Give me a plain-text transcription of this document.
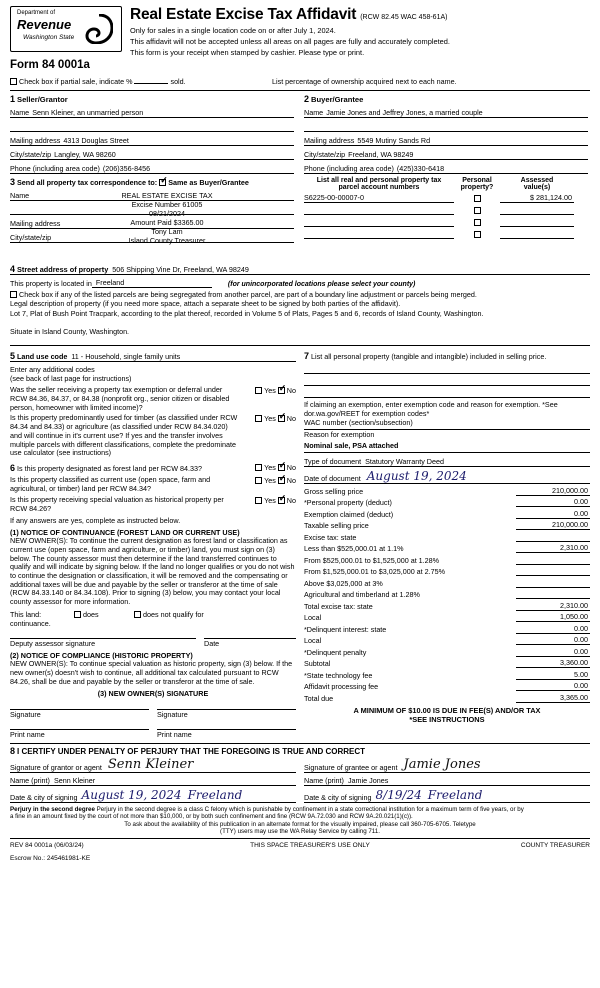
Department of
Revenue
Washington State
Real Estate Excise Tax Affidavit (RCW 82.45 WAC 458-61A)
Only for sales in a single location code on or after July 1, 2024.
This affidavit will not be accepted unless all areas on all pages are fully and accurately completed.
This form is your receipt when stamped by cashier. Please type or print.
Form 84 0001a
Check box if partial sale, indicate %	sold.	List percentage of ownership acquired next to each name.
1 Seller/Grantor
Name Senn Kleiner, an unmarried person
Mailing address 4313 Douglas Street
City/state/zip Langley, WA 98260
Phone (including area code) (206)356-8456
2 Buyer/Grantee
Name Jamie Jones and Jeffrey Jones, a married couple
Mailing address 5549 Mutiny Sands Rd
City/state/zip Freeland, WA 98249
Phone (including area code) (425)330-6418
3 Send all property tax correspondence to: ✓ Same as Buyer/Grantee
Name
Mailing address
City/state/zip
REAL ESTATE EXCISE TAX
Excise Number 61005
08/21/2024
Amount Paid $3365.00
Tony Lam
Island County Treasurer
List all real and personal property tax
parcel account numbers
Personal
property?
Assessed
value(s)
S6225-00-00007-0	$ 281,124.00
4 Street address of property 506 Shipping Vine Dr, Freeland, WA 98249
This property is located in Freeland	(for unincorporated locations please select your county)
Check box if any of the listed parcels are being segregated from another parcel, are part of a boundary line adjustment or parcels being merged.
Legal description of property (if you need more space, attach a separate sheet to be signed by both parties of the affidavit).
Lot 7, Plat of Bush Point Tracpark, according to the plat thereof, recorded in Volume 5 of Plats, Pages 5 and 6, records of Island County, Washington.
Situate in Island County, Washington.
5 Land use code 11 - Household, single family units
Enter any additional codes
(see back of last page for instructions)
Was the seller receiving a property tax exemption or deferral under RCW 84.36, 84.37, or 84.38 (nonprofit org., senior citizen or disabled person, homeowner with limited income)?
Yes ✓ No
Is this property predominantly used for timber (as classified under RCW 84.34 and 84.33) or agriculture (as classified under RCW 84.34.020) and will continue in it's current use? If yes and the transfer involves multiple parcels with different classifications, complete the predominate use calculator (see instructions)
Yes ✓ No
6 Is this property designated as forest land per RCW 84.33?	Yes ✓ No
Is this property classified as current use (open space, farm and agricultural, or timber) land per RCW 84.34?
Yes ✓ No
Is this property receiving special valuation as historical property per RCW 84.26?
Yes ✓ No
If any answers are yes, complete as instructed below.
(1) NOTICE OF CONTINUANCE (FOREST LAND OR CURRENT USE)
NEW OWNER(S): To continue the current designation as forest land or classification as current use (open space, farm and agriculture, or timber) land, you must sign on (3) below. The county assessor must then determine if the land transferred continues to qualify and will indicate by signing below. If the land no longer qualifies or you do not wish to continue the designation or classification, it will be removed and the compensating or additional taxes will be due and payable by the seller or transferor at the time of sale (RCW 84.33.140 or 84.34.108). Prior to signing (3) below, you may contact your local county assessor for more information.
This land:
continuance.
does	does not qualify for
Deputy assessor signature	Date
(2) NOTICE OF COMPLIANCE (HISTORIC PROPERTY)
NEW OWNER(S): To continue special valuation as historic property, sign (3) below. If the new owner(s) doesn't wish to continue, all additional tax calculated pursuant to RCW 84.26, shall be due and payable by the seller or transferor at the time of sale.
(3) NEW OWNER(S) SIGNATURE
Signature	Signature
Print name	Print name
7 List all personal property (tangible and intangible) included in selling price.
If claiming an exemption, enter exemption code and reason for exemption. *See dor.wa.gov/REET for exemption codes*
WAC number (section/subsection)
Reason for exemption
Nominal sale, PSA attached
Type of document Statutory Warranty Deed
Date of document August 19, 2024
Gross selling price	210,000.00
*Personal property (deduct)	0.00
Exemption claimed (deduct)	0.00
Taxable selling price	210,000.00
Excise tax: state
Less than $525,000.01 at 1.1%	2,310.00
From $525,000.01 to $1,525,000 at 1.28%
From $1,525,000.01 to $3,025,000 at 2.75%
Above $3,025,000 at 3%
Agricultural and timberland at 1.28%
Total excise tax: state	2,310.00
Local	1,050.00
*Delinquent interest: state	0.00
Local	0.00
*Delinquent penalty	0.00
Subtotal	3,360.00
*State technology fee	5.00
Affidavit processing fee	0.00
Total due	3,365.00
A MINIMUM OF $10.00 IS DUE IN FEE(S) AND/OR TAX
*SEE INSTRUCTIONS
8 I CERTIFY UNDER PENALTY OF PERJURY THAT THE FOREGOING IS TRUE AND CORRECT
Signature of grantor or agent Senn Kleiner
Name (print) Senn Kleiner
Date & city of signing August 19, 2024 Freeland
Signature of grantee or agent Jamie Jones
Name (print) Jamie Jones
Date & city of signing 8/19/24 Freeland
Perjury in the second degree Perjury in the second degree is a class C felony which is punishable by confinement in a state correctional institution for a maximum term of five years, or by
a fine in an amount fixed by the court of not more than $10,000, or by both such confinement and fine (RCW 9A.72.030 and RCW 9A.20.021(1)(c)).
To ask about the availability of this publication in an alternate format for the visually impaired, please call 360-705-6705. Teletype
(TTY) users may use the WA Relay Service by calling 711.
REV 84 0001a (06/03/24)	THIS SPACE TREASURER'S USE ONLY	COUNTY TREASURER
Escrow No.: 245461981-KE
